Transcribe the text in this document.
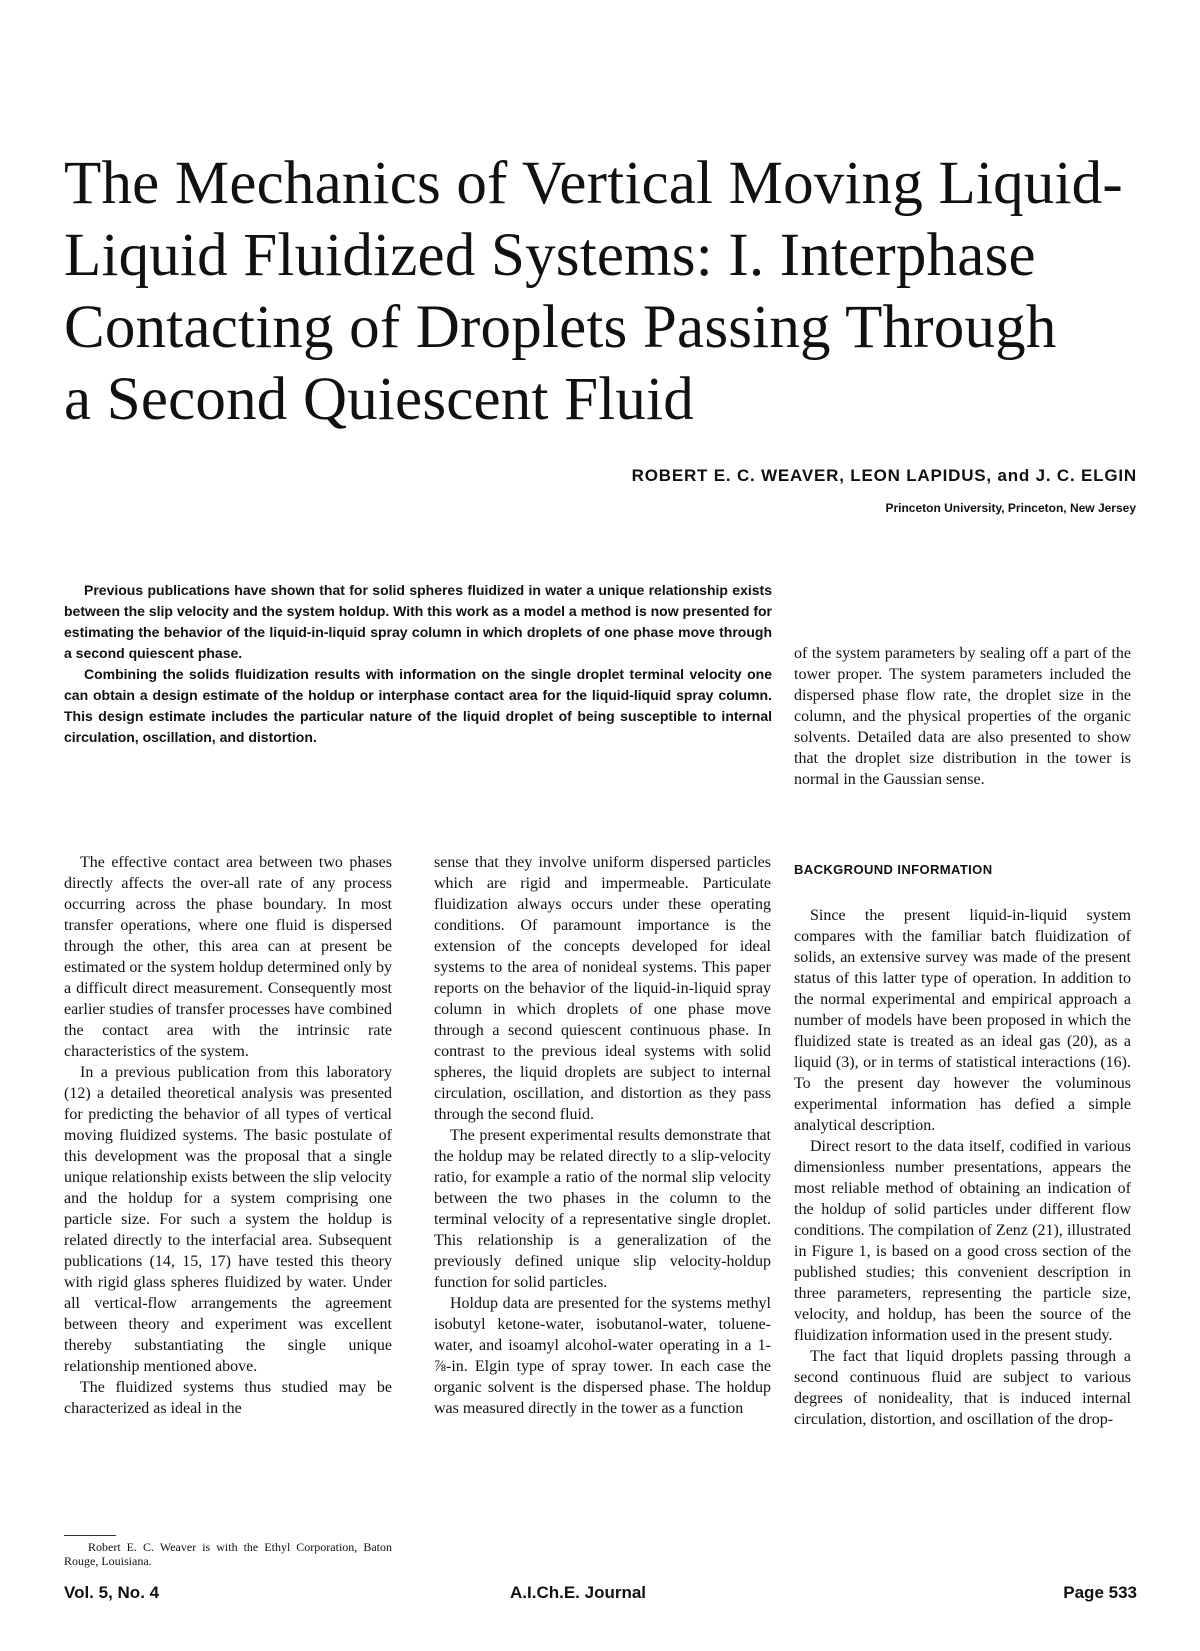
The Mechanics of Vertical Moving Liquid-
Liquid Fluidized Systems: I. Interphase
Contacting of Droplets Passing Through
a Second Quiescent Fluid

ROBERT E. C. WEAVER, LEON LAPIDUS, and J. C. ELGIN

Princeton University, Princeton, New Jersey

Previous publications have shown that for solid spheres fluidized in water a unique relationship exists between the slip velocity and the system holdup. With this work as a model a method is now presented for estimating the behavior of the liquid-in-liquid spray column in which droplets of one phase move through a second quiescent phase.

Combining the solids fluidization results with information on the single droplet terminal velocity one can obtain a design estimate of the holdup or interphase contact area for the liquid-liquid spray column. This design estimate includes the particular nature of the liquid droplet of being susceptible to internal circulation, oscillation, and distortion.

The effective contact area between two phases directly affects the over-all rate of any process occurring across the phase boundary. In most transfer operations, where one fluid is dispersed through the other, this area can at present be estimated or the system holdup determined only by a difficult direct measurement. Consequently most earlier studies of transfer processes have combined the contact area with the intrinsic rate characteristics of the system.

In a previous publication from this laboratory (12) a detailed theoretical analysis was presented for predicting the behavior of all types of vertical moving fluidized systems. The basic postulate of this development was the proposal that a single unique relationship exists between the slip velocity and the holdup for a system comprising one particle size. For such a system the holdup is related directly to the interfacial area. Subsequent publications (14, 15, 17) have tested this theory with rigid glass spheres fluidized by water. Under all vertical-flow arrangements the agreement between theory and experiment was excellent thereby substantiating the single unique relationship mentioned above.

The fluidized systems thus studied may be characterized as ideal in the

sense that they involve uniform dispersed particles which are rigid and impermeable. Particulate fluidization always occurs under these operating conditions. Of paramount importance is the extension of the concepts developed for ideal systems to the area of nonideal systems. This paper reports on the behavior of the liquid-in-liquid spray column in which droplets of one phase move through a second quiescent continuous phase. In contrast to the previous ideal systems with solid spheres, the liquid droplets are subject to internal circulation, oscillation, and distortion as they pass through the second fluid.

The present experimental results demonstrate that the holdup may be related directly to a slip-velocity ratio, for example a ratio of the normal slip velocity between the two phases in the column to the terminal velocity of a representative single droplet. This relationship is a generalization of the previously defined unique slip velocity-holdup function for solid particles.

Holdup data are presented for the systems methyl isobutyl ketone-water, isobutanol-water, toluene-water, and isoamyl alcohol-water operating in a 1-⅞-in. Elgin type of spray tower. In each case the organic solvent is the dispersed phase. The holdup was measured directly in the tower as a function

of the system parameters by sealing off a part of the tower proper. The system parameters included the dispersed phase flow rate, the droplet size in the column, and the physical properties of the organic solvents. Detailed data are also presented to show that the droplet size distribution in the tower is normal in the Gaussian sense.

BACKGROUND INFORMATION

Since the present liquid-in-liquid system compares with the familiar batch fluidization of solids, an extensive survey was made of the present status of this latter type of operation. In addition to the normal experimental and empirical approach a number of models have been proposed in which the fluidized state is treated as an ideal gas (20), as a liquid (3), or in terms of statistical interactions (16). To the present day however the voluminous experimental information has defied a simple analytical description.

Direct resort to the data itself, codified in various dimensionless number presentations, appears the most reliable method of obtaining an indication of the holdup of solid particles under different flow conditions. The compilation of Zenz (21), illustrated in Figure 1, is based on a good cross section of the published studies; this convenient description in three parameters, representing the particle size, velocity, and holdup, has been the source of the fluidization information used in the present study.

The fact that liquid droplets passing through a second continuous fluid are subject to various degrees of nonideality, that is induced internal circulation, distortion, and oscillation of the drop-

Robert E. C. Weaver is with the Ethyl Corporation, Baton Rouge, Louisiana.

Vol. 5, No. 4	A.I.Ch.E. Journal	Page 533
